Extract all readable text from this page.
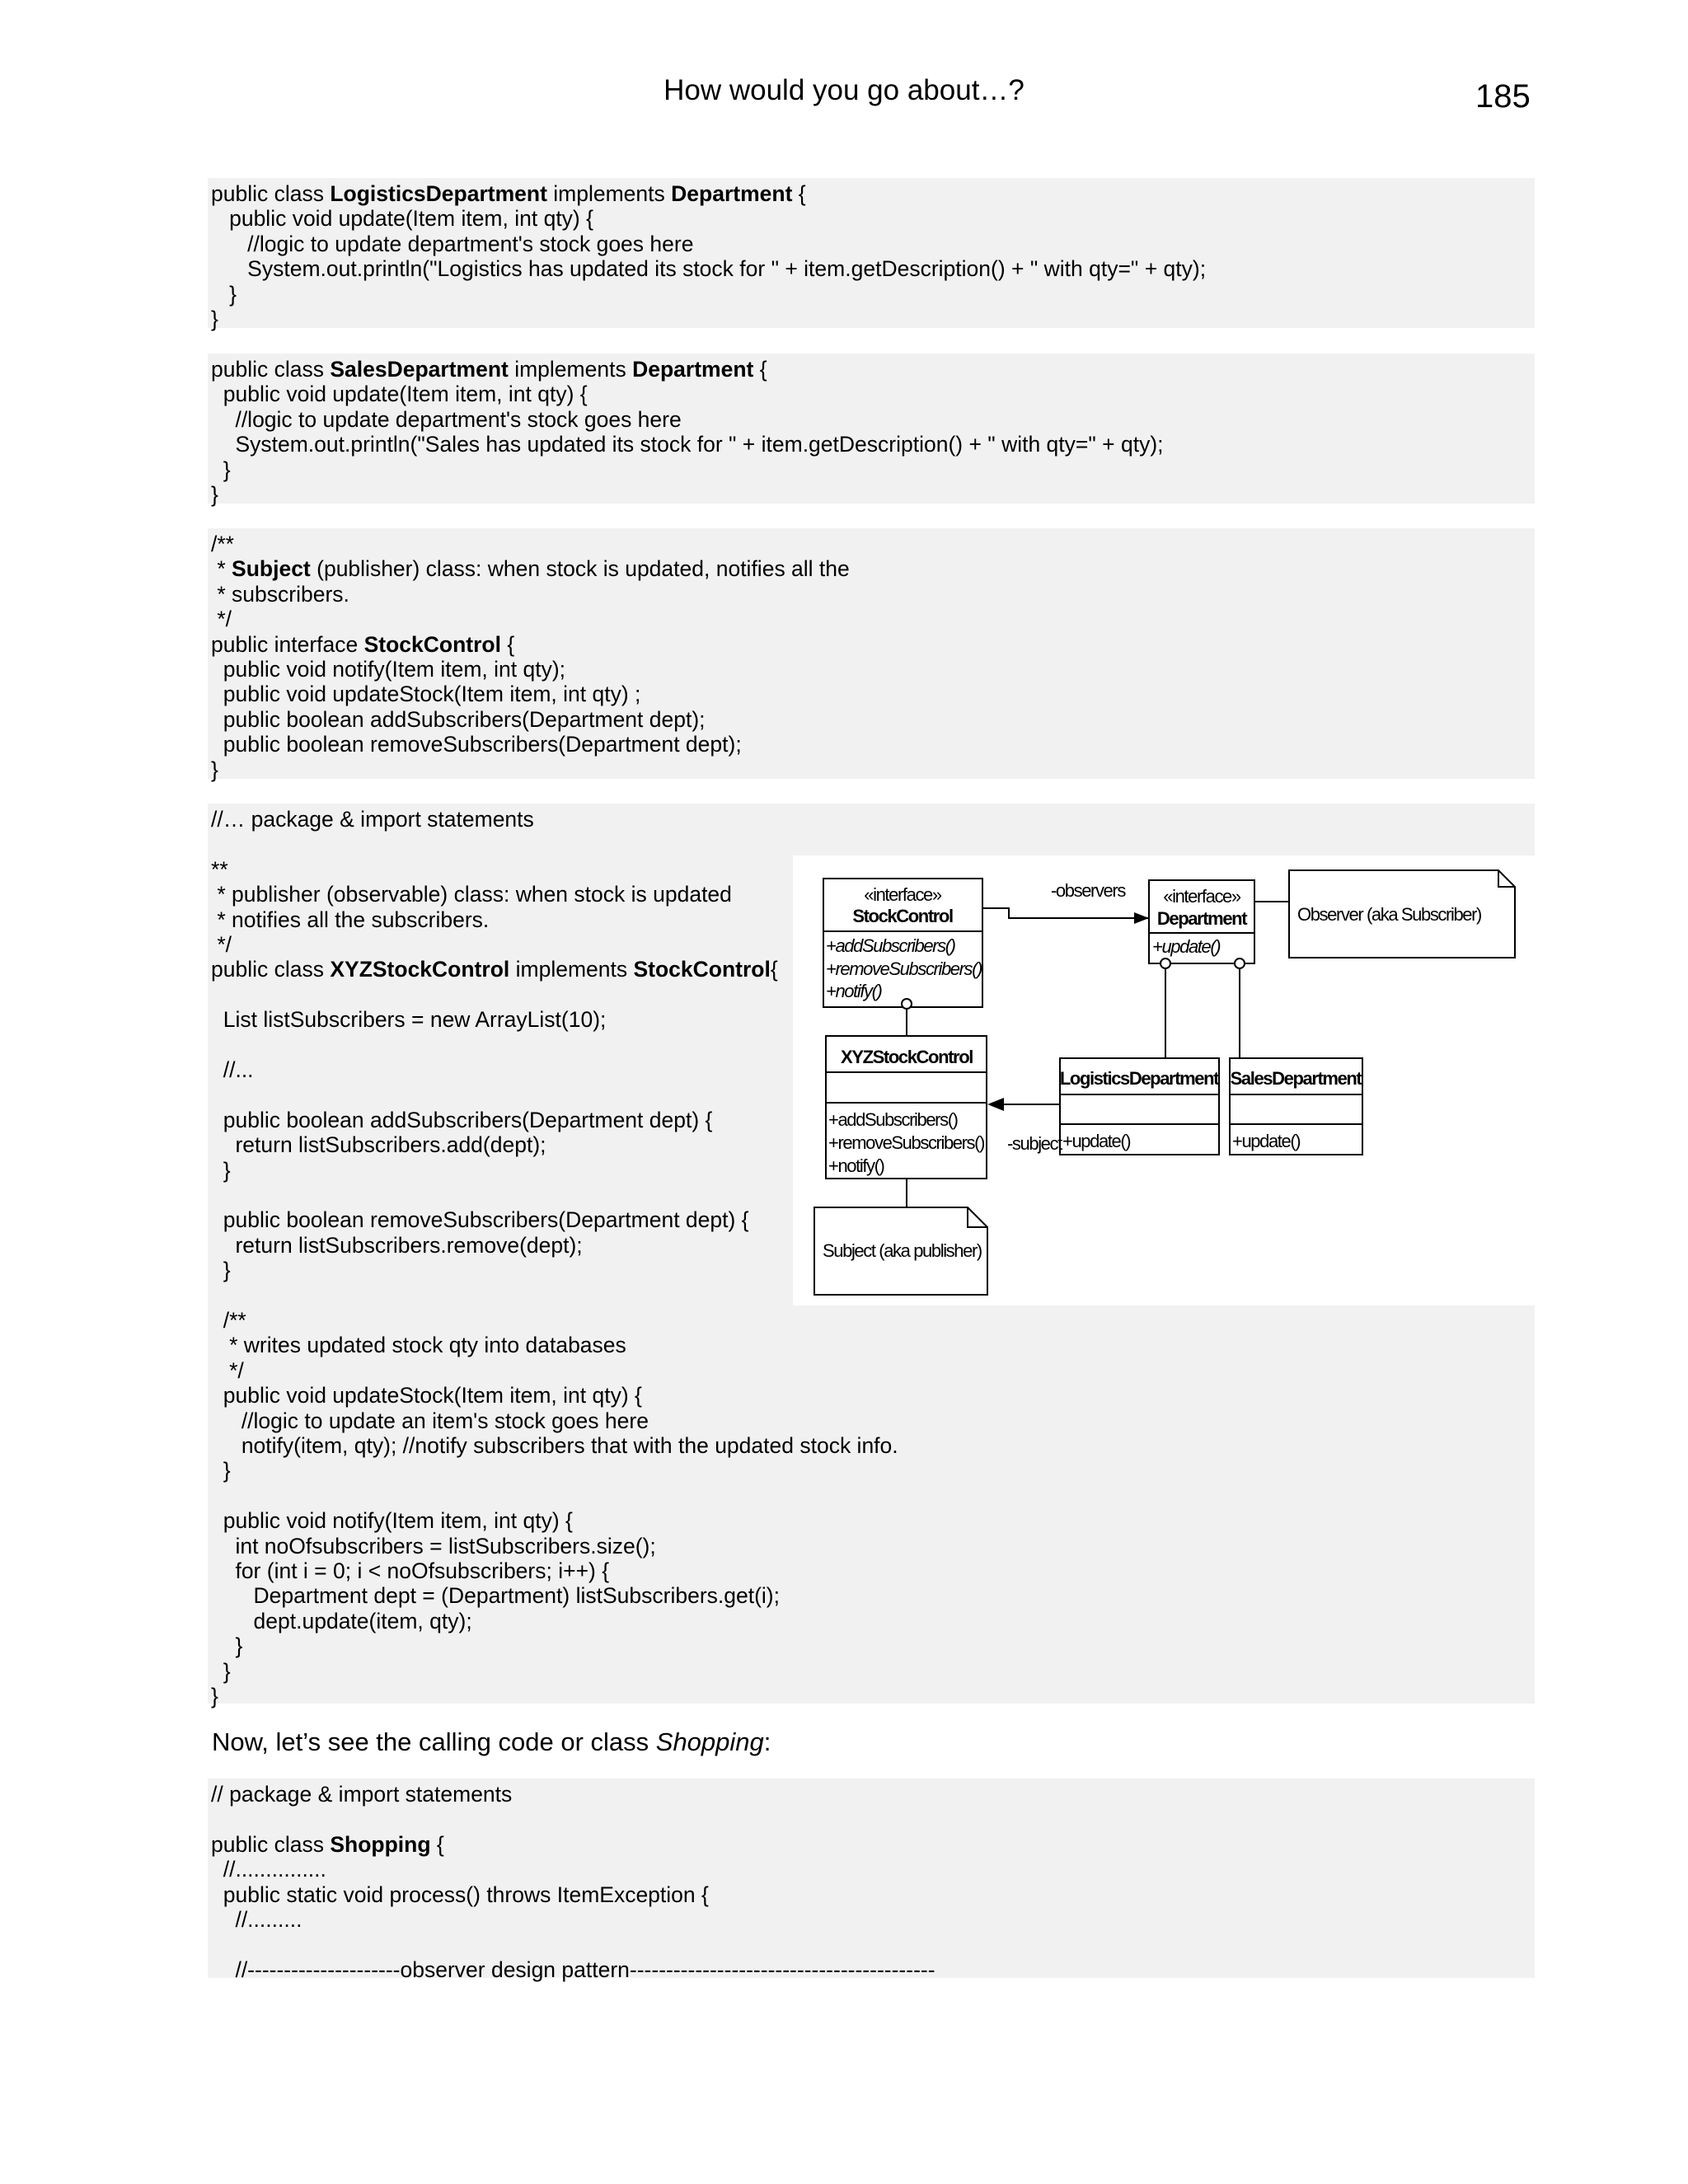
How would you go about…?	185
public class LogisticsDepartment implements Department {
public void update(Item item, int qty) {
//logic to update department's stock goes here
System.out.println("Logistics has updated its stock for " + item.getDescription() + " with qty=" + qty);
}
}
public class SalesDepartment implements Department {
public void update(Item item, int qty) {
//logic to update department's stock goes here
System.out.println("Sales has updated its stock for " + item.getDescription() + " with qty=" + qty);
}
}
/**
* Subject (publisher) class: when stock is updated, notifies all the
* subscribers.
*/
public interface StockControl {
public void notify(Item item, int qty);
public void updateStock(Item item, int qty) ;
public boolean addSubscribers(Department dept);
public boolean removeSubscribers(Department dept);
}
//… package & import statements
**
* publisher (observable) class: when stock is updated
* notifies all the subscribers.
*/
public class XYZStockControl implements StockControl{
List listSubscribers = new ArrayList(10);
//...
public boolean addSubscribers(Department dept) {
return listSubscribers.add(dept);
}
public boolean removeSubscribers(Department dept) {
return listSubscribers.remove(dept);
}
/**
* writes updated stock qty into databases
*/
public void updateStock(Item item, int qty) {
//logic to update an item's stock goes here
notify(item, qty); //notify subscribers that with the updated stock info.
}
public void notify(Item item, int qty) {
int noOfsubscribers = listSubscribers.size();
for (int i = 0; i < noOfsubscribers; i++) {
Department dept = (Department) listSubscribers.get(i);
dept.update(item, qty);
}
}
}
Now, let’s see the calling code or class Shopping:
// package & import statements
public class Shopping {
//...............
public static void process() throws ItemException {
//.........
//---------------------observer design pattern------------------------------------------
«interface»
StockControl
+addSubscribers()
+removeSubscribers()
+notify()
«interface»
Department
+update()
-observers
Observer (aka Subscriber)
XYZStockControl
+addSubscribers()
+removeSubscribers()
+notify()
LogisticsDepartment
+update()
SalesDepartment
+update()
-subject
Subject (aka publisher)
